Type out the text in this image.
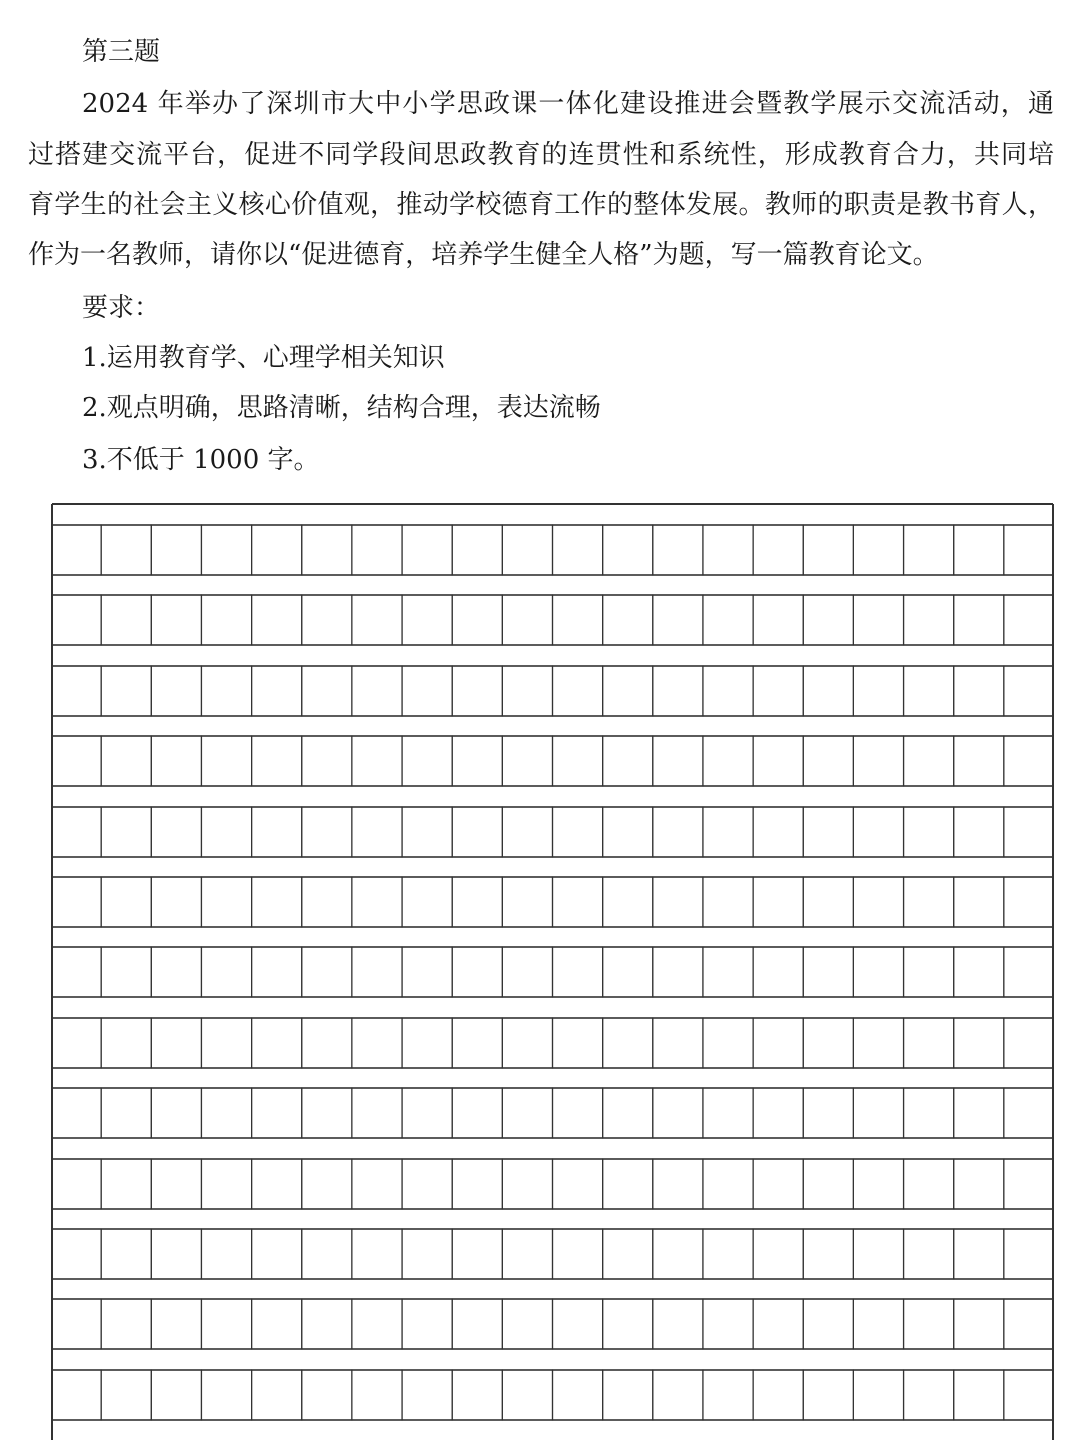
第三题
2024 年举办了深圳市大中小学思政课一体化建设推进会暨教学展示交流活动，通
过搭建交流平台，促进不同学段间思政教育的连贯性和系统性，形成教育合力，共同培
育学生的社会主义核心价值观，推动学校德育工作的整体发展。教师的职责是教书育人，
作为一名教师，请你以“促进德育，培养学生健全人格”为题，写一篇教育论文。
要求：
1.运用教育学、心理学相关知识
2.观点明确，思路清晰，结构合理，表达流畅
3.不低于 1000 字。
